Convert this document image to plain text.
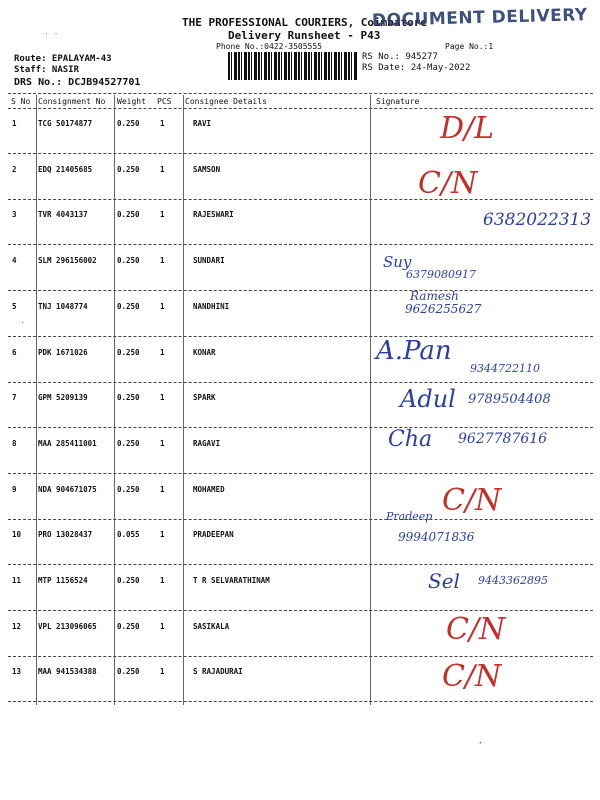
THE PROFESSIONAL COURIERS, Coimbatore
Delivery Runsheet - P43
Phone No.:0422-3505555
DOCUMENT DELIVERY
Page No.:1
Route: EPALAYAM-43
Staff: NASIR
DRS No.: DCJB94527701
RS No.: 945277
RS Date: 24-May-2022
S No Consignment No Weight PCS Consignee Details	Signature
1	TCG 50174877	0.250	1	RAVI	D/L
2	EDQ 21405685	0.250	1	SAMSON	C/N
3	TVR 4043137	0.250	1	RAJESWARI	6382022313
4	SLM 296156002	0.250	1	SUNDARI	Suy
6379080917
5	TNJ 1048774	0.250	1	NANDHINI
Ramesh
9626255627
6	PDK 1671026	0.250	1	KONAR	A.Pan
9344722110
7	GPM 5209139	0.250	1	SPARK	Adul 9789504408
8	MAA 285411001	0.250	1	RAGAVI	Cha 9627787616
9	NDA 904671075	0.250	1	MOHAMED	C/N
10 PRO 13028437	0.055	1	PRADEEPAN
Pradeep
9994071836
11 MTP 1156524	0.250	1	T R SELVARATHINAM	Sel 9443362895
12 VPL 213096065	0.250	1	SASIKALA	C/N
13 MAA 941534388	0.250	1	S RAJADURAI	C/N
′ ′
·
‚
